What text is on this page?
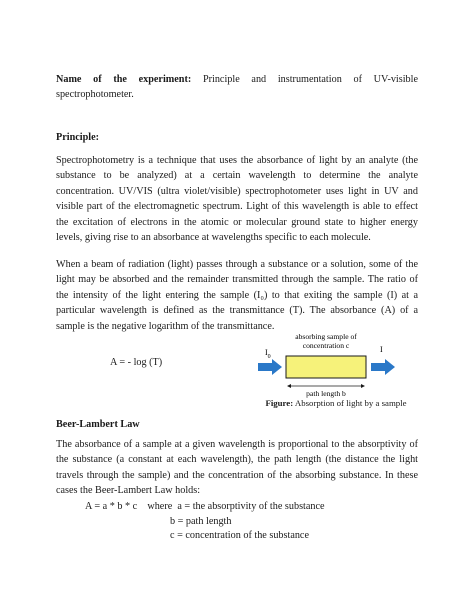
Name of the experiment: Principle and instrumentation of UV-visible spectrophotometer.

Principle:

Spectrophotometry is a technique that uses the absorbance of light by an analyte (the substance to be analyzed) at a certain wavelength to determine the analyte concentration. UV/VIS (ultra violet/visible) spectrophotometer uses light in UV and visible part of the electromagnetic spectrum. Light of this wavelength is able to effect the excitation of electrons in the atomic or molecular ground state to higher energy levels, giving rise to an absorbance at wavelengths specific to each molecule.

When a beam of radiation (light) passes through a substance or a solution, some of the light may be absorbed and the remainder transmitted through the sample. The ratio of the intensity of the light entering the sample (I₀) to that exiting the sample (I) at a particular wavelength is defined as the transmittance (T). The absorbance (A) of a sample is the negative logarithm of the transmittance.

A = - log (T)

absorbing sample of
concentration c
$I_0$
I
path length b

Figure: Absorption of light by a sample

Beer-Lambert Law

The absorbance of a sample at a given wavelength is proportional to the absorptivity of the substance (a constant at each wavelength), the path length (the distance the light travels through the sample) and the concentration of the absorbing substance. In these cases the Beer-Lambert Law holds:

A = a * b * c where a = the absorptivity of the substance
b = path length
c = concentration of the substance
